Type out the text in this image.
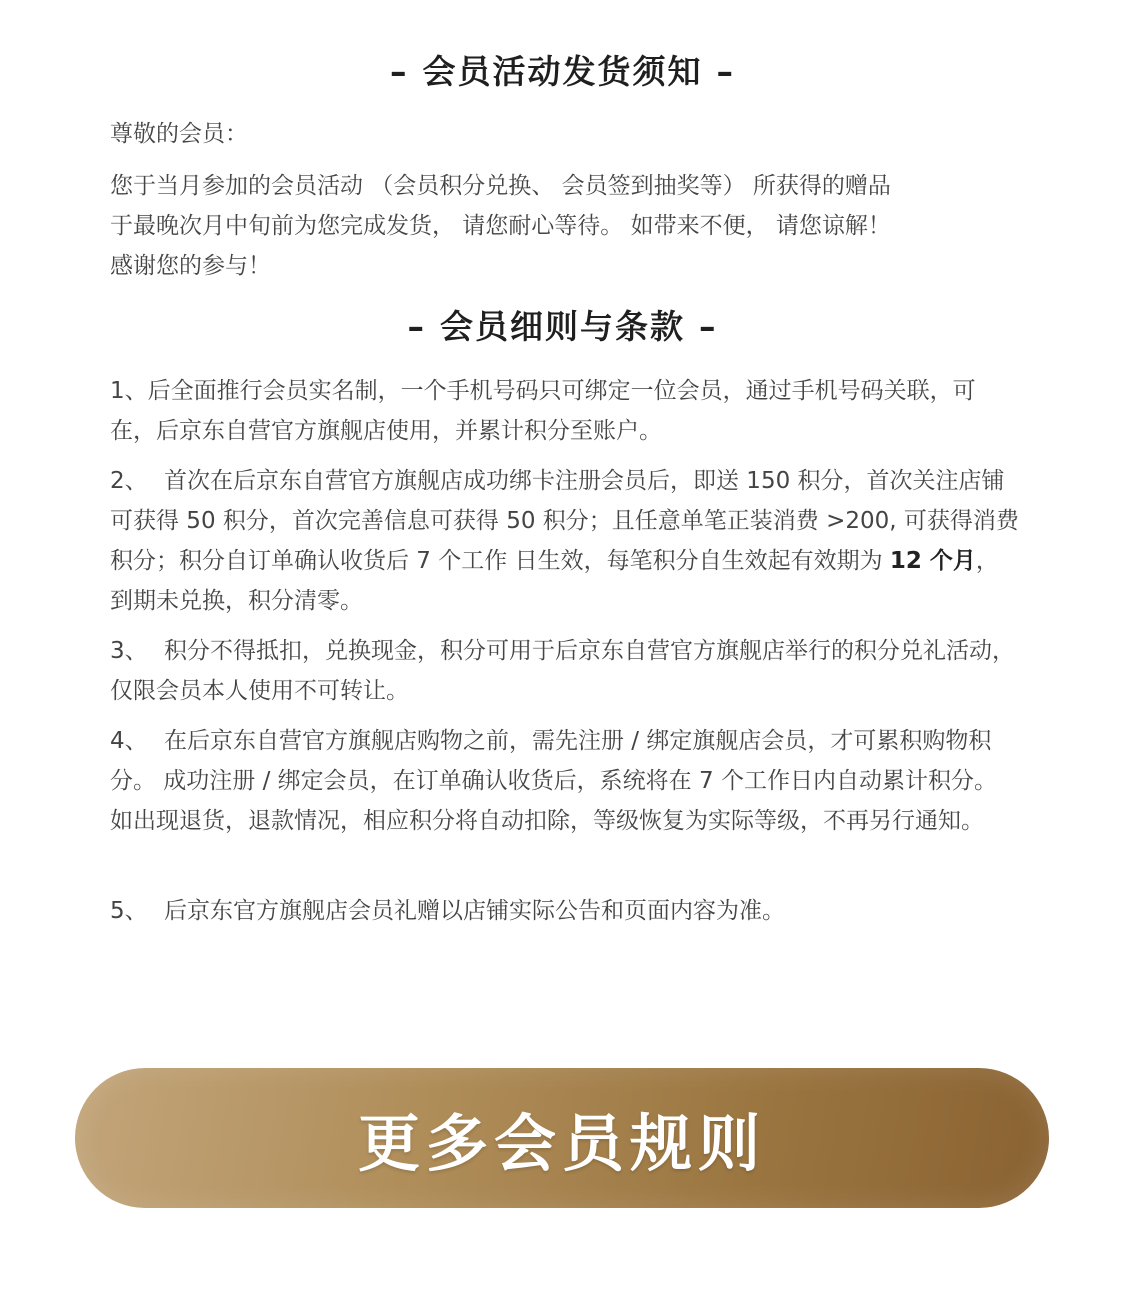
– 会员活动发货须知 –

尊敬的会员：

您于当月参加的会员活动 （会员积分兑换、 会员签到抽奖等） 所获得的赠品

于最晚次月中旬前为您完成发货， 请您耐心等待。 如带来不便， 请您谅解！

感谢您的参与！

– 会员细则与条款 –
1、后全面推行会员实名制，一个手机号码只可绑定一位会员，通过手机号码关联，可在，后京东自营官方旗舰店使用，并累计积分至账户。
2、 首次在后京东自营官方旗舰店成功绑卡注册会员后，即送 150 积分，首次关注店铺可获得 50 积分，首次完善信息可获得 50 积分；且任意单笔正装消费 >200, 可获得消费积分；积分自订单确认收货后 7 个工作 日生效，每笔积分自生效起有效期为 12 个月，到期未兑换，积分清零。
3、 积分不得抵扣，兑换现金，积分可用于后京东自营官方旗舰店举行的积分兑礼活动，仅限会员本人使用不可转让。
4、 在后京东自营官方旗舰店购物之前，需先注册 / 绑定旗舰店会员，才可累积购物积分。 成功注册 / 绑定会员，在订单确认收货后，系统将在 7 个工作日内自动累计积分。 如出现退货，退款情况，相应积分将自动扣除，等级恢复为实际等级，不再另行通知。
5、 后京东官方旗舰店会员礼赠以店铺实际公告和页面内容为准。
更多会员规则
